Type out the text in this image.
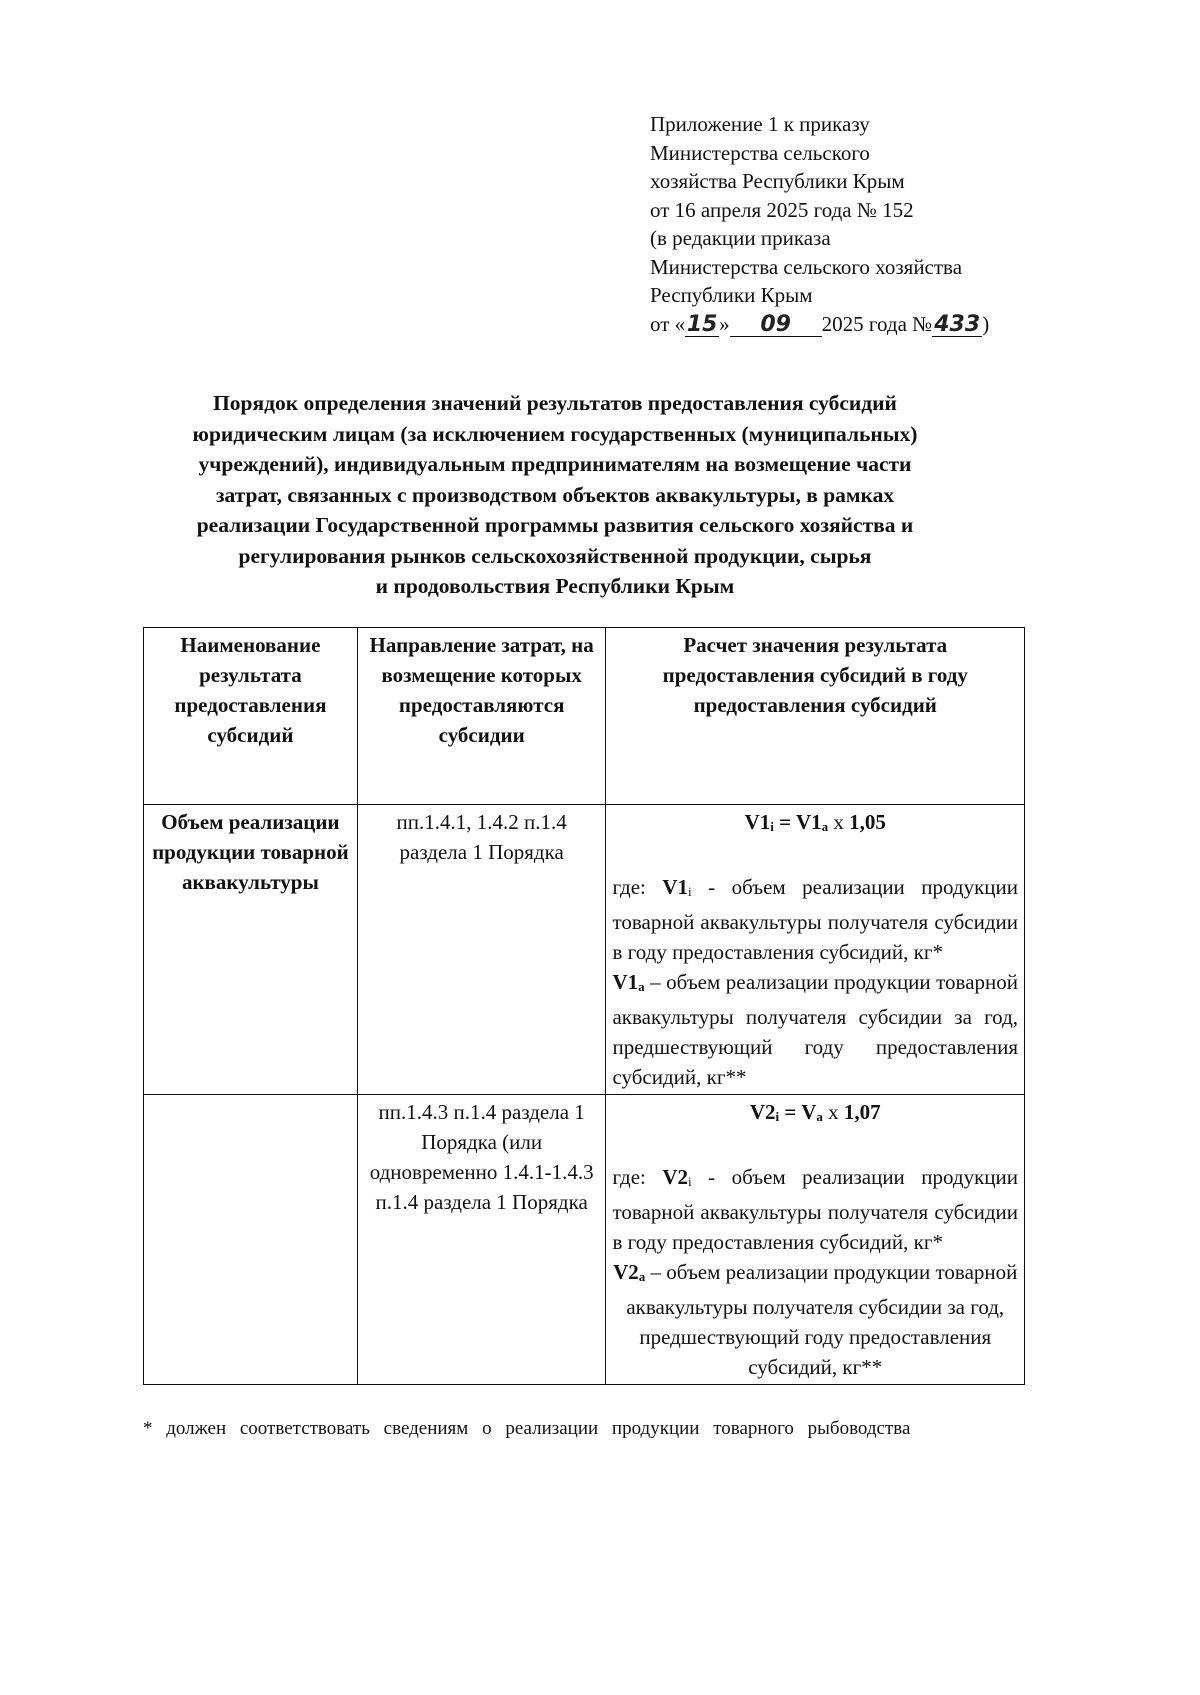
Приложение 1 к приказу
Министерства сельского
хозяйства Республики Крым
от 16 апреля 2025 года № 152
(в редакции приказа
Министерства сельского хозяйства
Республики Крым
от «15» 09 2025 года №433)
Порядок определения значений результатов предоставления субсидий
юридическим лицам (за исключением государственных (муниципальных)
учреждений), индивидуальным предпринимателям на возмещение части
затрат, связанных с производством объектов аквакультуры, в рамках
реализации Государственной программы развития сельского хозяйства и
регулирования рынков сельскохозяйственной продукции, сырья
и продовольствия Республики Крым
Наименование результата предоставления субсидий	Направление затрат, на возмещение которых предоставляются субсидии	Расчет значения результата предоставления субсидий в году предоставления субсидий
Объем реализации продукции товарной аквакультуры	пп.1.4.1, 1.4.2 п.1.4 раздела 1 Порядка	$V1_i = V1_a$ x 1,05
где: $V1_i$ - объем реализации продукции товарной аквакультуры получателя субсидии в году предоставления субсидий, кг*
$V1_a$ – объем реализации продукции товарной аквакультуры получателя субсидии за год, предшествующий году предоставления субсидий, кг**

	пп.1.4.3 п.1.4 раздела 1 Порядка (или одновременно 1.4.1-1.4.3 п.1.4 раздела 1 Порядка	$V2_i = V_a$ x 1,07
где: $V2_i$ - объем реализации продукции товарной аквакультуры получателя субсидии в году предоставления субсидий, кг*
$V2_a$ – объем реализации продукции товарной аквакультуры получателя субсидии за год, предшествующий году предоставления субсидий, кг**
* должен соответствовать сведениям о реализации продукции товарного рыбоводства
